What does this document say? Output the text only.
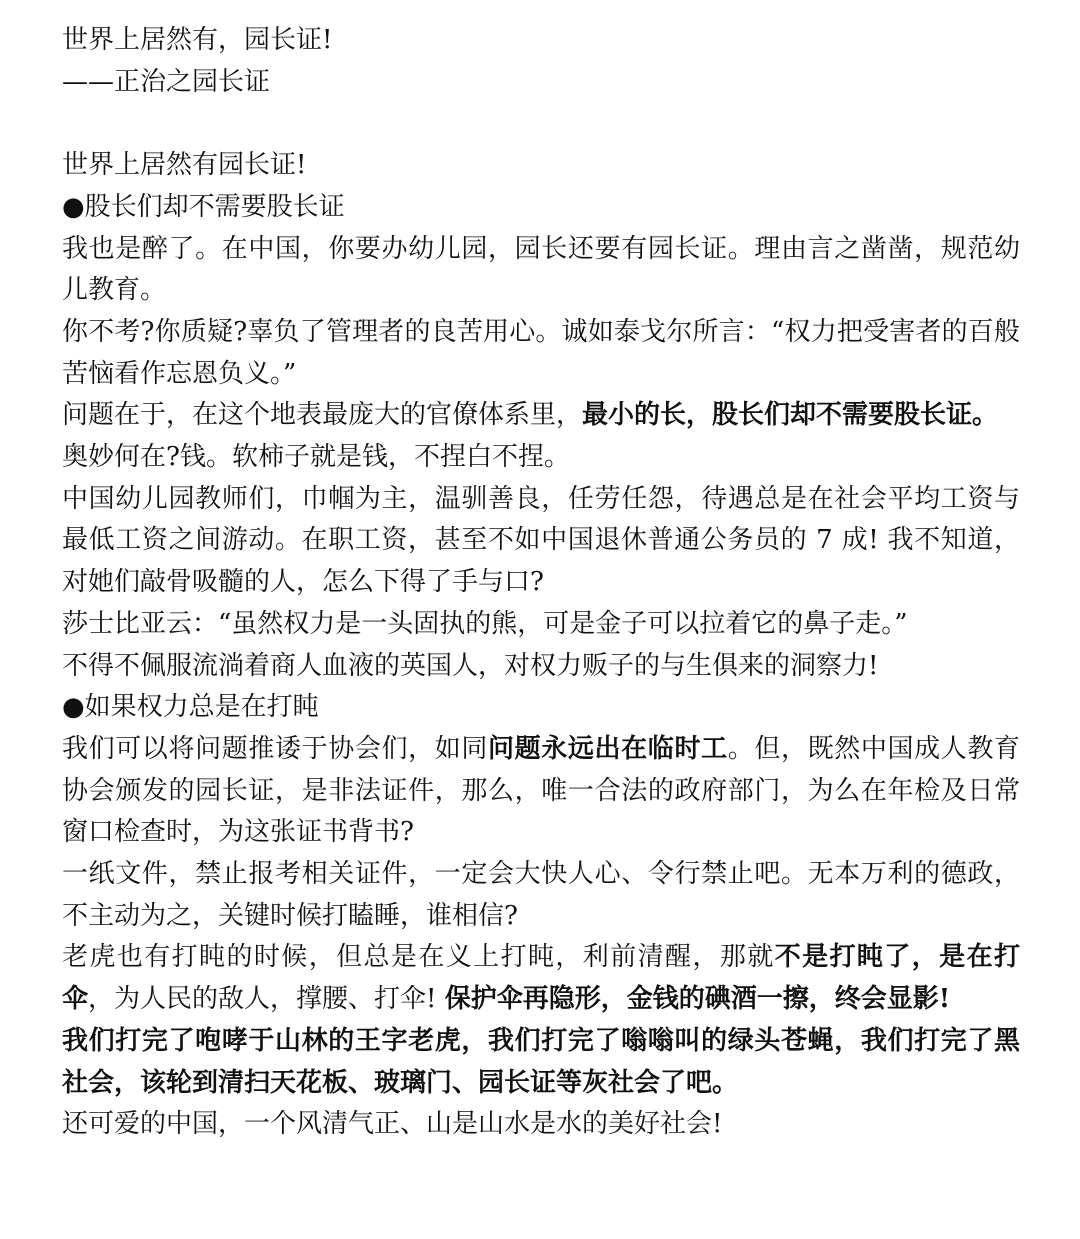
世界上居然有，园长证!

——正治之园长证

世界上居然有园长证!

●股长们却不需要股长证

我也是醉了。在中国，你要办幼儿园，园长还要有园长证。理由言之凿凿，规范幼儿教育。

你不考?你质疑?辜负了管理者的良苦用心。诚如泰戈尔所言：“权力把受害者的百般苦恼看作忘恩负义。”

问题在于，在这个地表最庞大的官僚体系里，最小的长，股长们却不需要股长证。

奥妙何在?钱。软柿子就是钱，不捏白不捏。

中国幼儿园教师们，巾帼为主，温驯善良，任劳任怨，待遇总是在社会平均工资与最低工资之间游动。在职工资，甚至不如中国退休普通公务员的 7 成! 我不知道，对她们敲骨吸髓的人，怎么下得了手与口?

莎士比亚云：“虽然权力是一头固执的熊，可是金子可以拉着它的鼻子走。”

不得不佩服流淌着商人血液的英国人，对权力贩子的与生俱来的洞察力!

●如果权力总是在打盹

我们可以将问题推诿于协会们，如同问题永远出在临时工。但，既然中国成人教育协会颁发的园长证，是非法证件，那么，唯一合法的政府部门，为么在年检及日常窗口检查时，为这张证书背书?

一纸文件，禁止报考相关证件，一定会大快人心、令行禁止吧。无本万利的德政，不主动为之，关键时候打瞌睡，谁相信?

老虎也有打盹的时候，但总是在义上打盹，利前清醒，那就不是打盹了，是在打伞，为人民的敌人，撑腰、打伞! 保护伞再隐形，金钱的碘酒一擦，终会显影!

我们打完了咆哮于山林的王字老虎，我们打完了嗡嗡叫的绿头苍蝇，我们打完了黑社会，该轮到清扫天花板、玻璃门、园长证等灰社会了吧。

还可爱的中国，一个风清气正、山是山水是水的美好社会!
